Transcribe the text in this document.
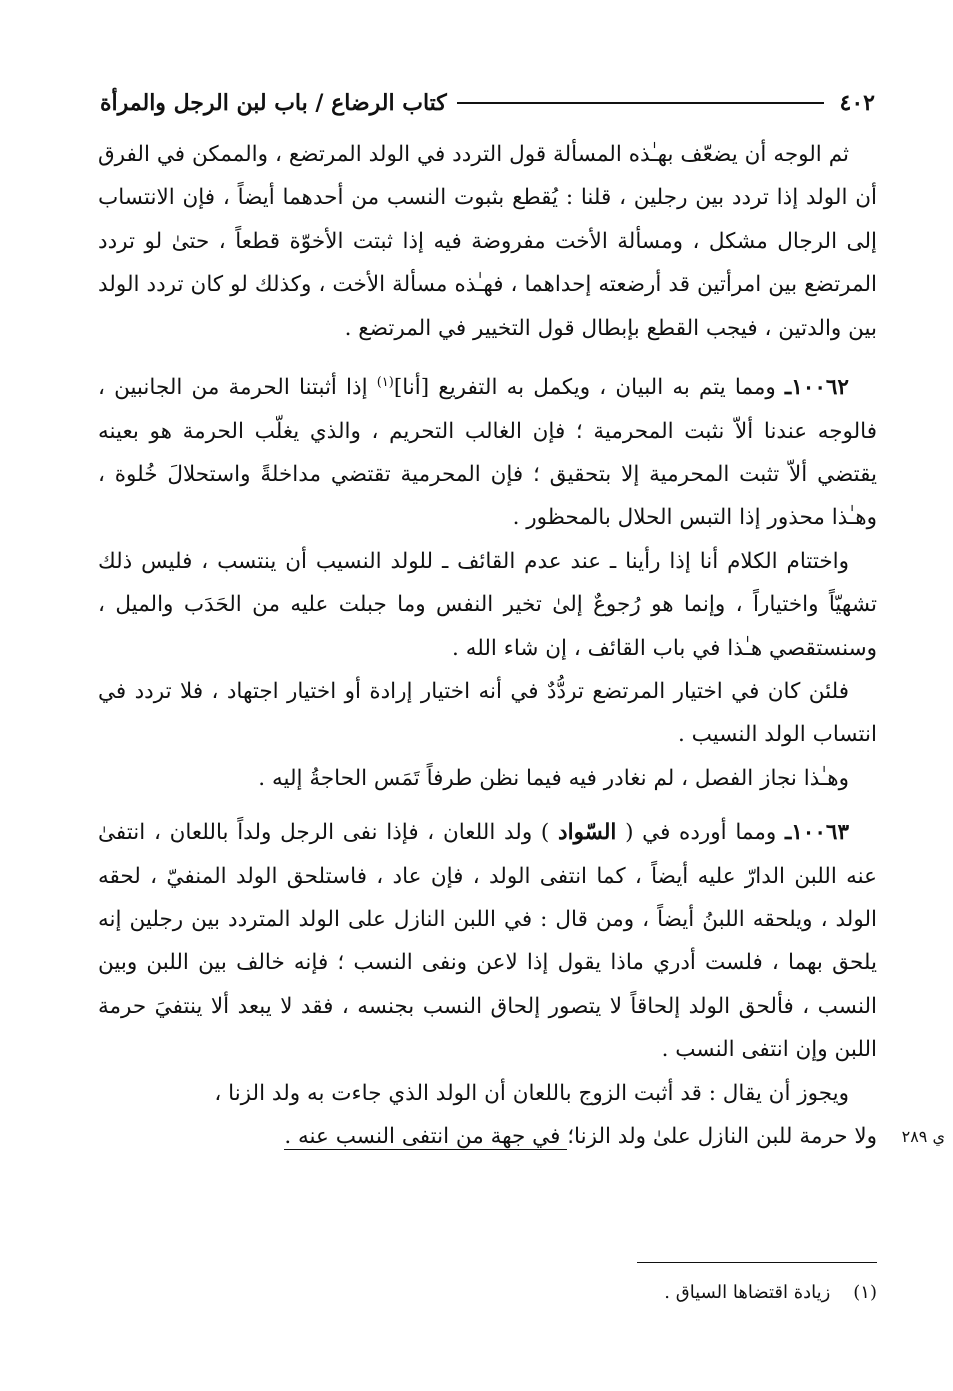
٤٠٢
كتاب الرضاع / باب لبن الرجل والمرأة

ثم الوجه أن يضعّف بهـٰذه المسألة قول التردد في الولد المرتضع ، والممكن في الفرق أن الولد إذا تردد بين رجلين ، قلنا : يُقطع بثبوت النسب من أحدهما أيضاً ، فإن الانتساب إلى الرجال مشكل ، ومسألة الأخت مفروضة فيه إذا ثبتت الأخوّة قطعاً ، حتىٰ لو تردد المرتضع بين امرأتين قد أرضعته إحداهما ، فهـٰذه مسألة الأخت ، وكذلك لو كان تردد الولد بين والدتين ، فيجب القطع بإبطال قول التخيير في المرتضع .

١٠٠٦٢ـ ومما يتم به البيان ، ويكمل به التفريع [أنا]$^{(١)}$ إذا أثبتنا الحرمة من الجانبين ، فالوجه عندنا ألاّ نثبت المحرمية ؛ فإن الغالب التحريم ، والذي يغلّب الحرمة هو بعينه يقتضي ألاّ تثبت المحرمية إلا بتحقيق ؛ فإن المحرمية تقتضي مداخلةً واستحلالَ خُلوة ، وهـٰذا محذور إذا التبس الحلال بالمحظور .

واختتام الكلام أنا إذا رأينا ـ عند عدم القائف ـ للولد النسيب أن ينتسب ، فليس ذلك تشهيّاً واختياراً ، وإنما هو رُجوعٌ إلىٰ تخير النفس وما جبلت عليه من الحَدَب والميل ، وسنستقصي هـٰذا في باب القائف ، إن شاء الله .

فلئن كان في اختيار المرتضع تردُّدٌ في أنه اختيار إرادة أو اختيار اجتهاد ، فلا تردد في انتساب الولد النسيب .

وهـٰذا نجاز الفصل ، لم نغادر فيه فيما نظن طرفاً تَمَس الحاجةُ إليه .

١٠٠٦٣ـ ومما أورده في ( السّواد ) ولد اللعان ، فإذا نفى الرجل ولداً باللعان ، انتفىٰ عنه اللبن الدارّ عليه أيضاً ، كما انتفى الولد ، فإن عاد ، فاستلحق الولد المنفيّ ، لحقه الولد ، ويلحقه اللبنُ أيضاً ، ومن قال : في اللبن النازل على الولد المتردد بين رجلين إنه يلحق بهما ، فلست أدري ماذا يقول إذا لاعن ونفى النسب ؛ فإنه خالف بين اللبن وبين النسب ، فألحق الولد إلحاقاً لا يتصور إلحاق النسب بجنسه ، فقد لا يبعد ألا ينتفيَ حرمة اللبن وإن انتفى النسب .

ويجوز أن يقال : قد أثبت الزوج باللعان أن الولد الذي جاءت به ولد الزنا ،

ي ٢٨٩
ولا حرمة للبن النازل علىٰ ولد الزنا؛ في جهة من انتفى النسب عنه .
(١)    زيادة اقتضاها السياق .
